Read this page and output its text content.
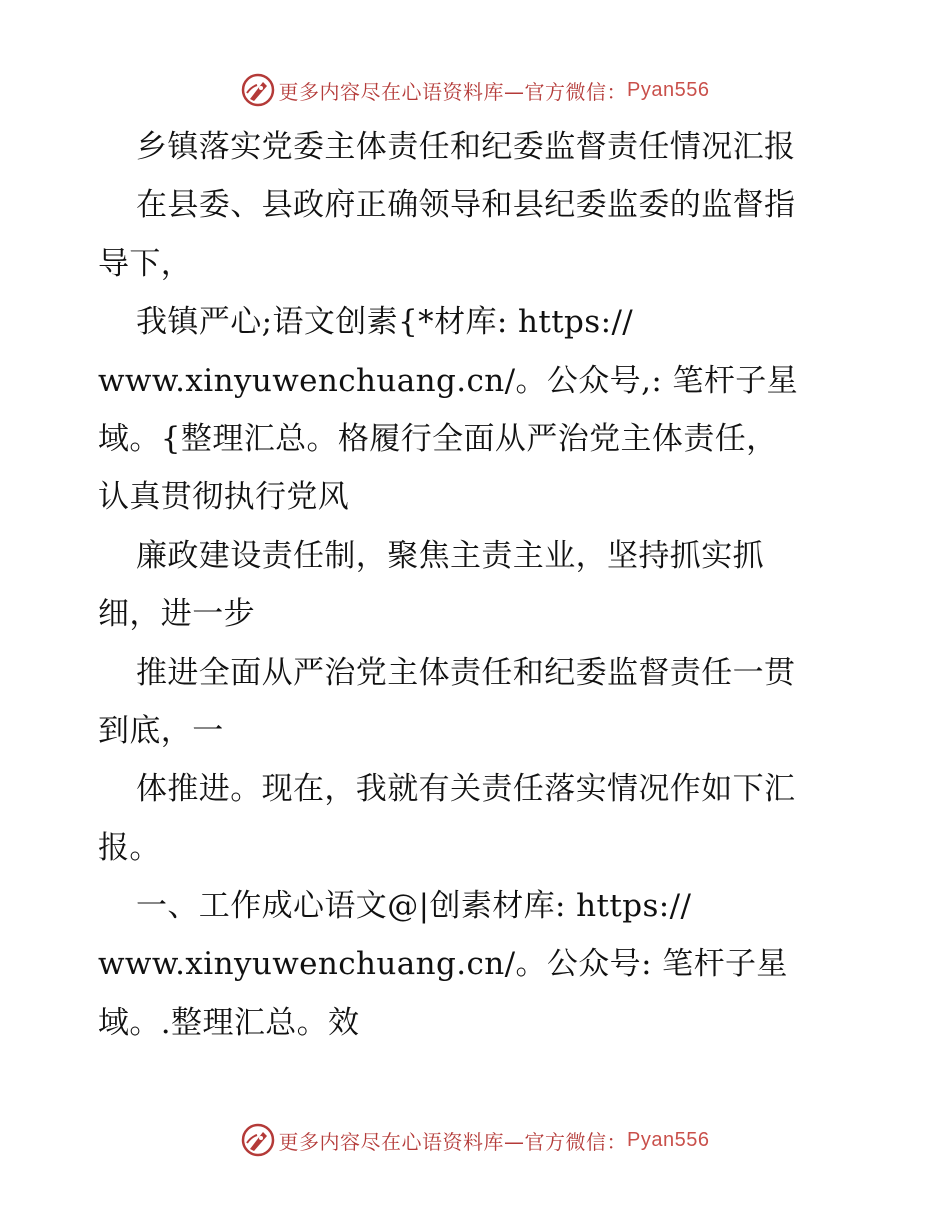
更多内容尽在心语资料库— 官方微信： Pyan556
乡镇落实党委主体责任和纪委监督责任情况汇报
在县委、县政府正确领导和县纪委监委的监督指
导下，
我镇严心;语文创素{*材库: https://
www.xinyuwenchuang.cn/。公众号,: 笔杆子星
域。{整理汇总。格履行全面从严治党主体责任，
认真贯彻执行党风
廉政建设责任制，聚焦主责主业，坚持抓实抓
细，进一步
推进全面从严治党主体责任和纪委监督责任一贯
到底，一
体推进。现在，我就有关责任落实情况作如下汇
报。
一、工作成心语文@|创素材库: https://
www.xinyuwenchuang.cn/。公众号: 笔杆子星
域。.整理汇总。效
更多内容尽在心语资料库— 官方微信： Pyan556
